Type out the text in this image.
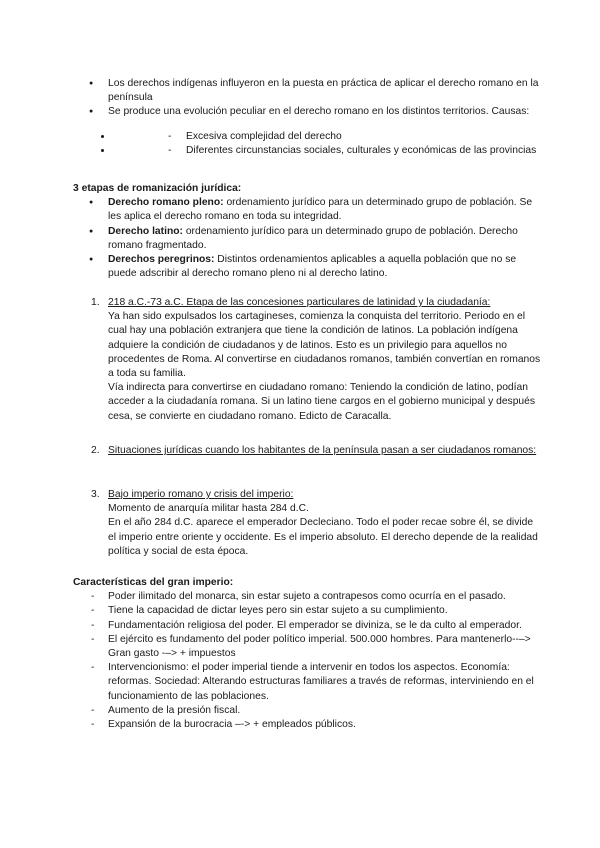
● Los derechos indígenas influyeron en la puesta en práctica de aplicar el derecho romano en la península
● Se produce una evolución peculiar en el derecho romano en los distintos territorios. Causas:
- • Excesiva complejidad del derecho
- • Diferentes circunstancias sociales, culturales y económicas de las provincias
3 etapas de romanización jurídica:
● Derecho romano pleno: ordenamiento jurídico para un determinado grupo de población. Se les aplica el derecho romano en toda su integridad.
● Derecho latino: ordenamiento jurídico para un determinado grupo de población. Derecho romano fragmentado.
● Derechos peregrinos: Distintos ordenamientos aplicables a aquella población que no se puede adscribir al derecho romano pleno ni al derecho latino.
1. 218 a.C.-73 a.C. Etapa de las concesiones particulares de latinidad y la ciudadanía:

Ya han sido expulsados los cartagineses, comienza la conquista del territorio. Periodo en el cual hay una población extranjera que tiene la condición de latinos. La población indígena adquiere la condición de ciudadanos y de latinos. Esto es un privilegio para aquellos no procedentes de Roma. Al convertirse en ciudadanos romanos, también convertían en romanos a toda su familia.

Vía indirecta para convertirse en ciudadano romano: Teniendo la condición de latino, podían acceder a la ciudadanía romana. Si un latino tiene cargos en el gobierno municipal y después cesa, se convierte en ciudadano romano. Edicto de Caracalla.

2. Situaciones jurídicas cuando los habitantes de la península pasan a ser ciudadanos romanos:
3. Bajo imperio romano y crisis del imperio:

Momento de anarquía militar hasta 284 d.C.

En el año 284 d.C. aparece el emperador Decleciano. Todo el poder recae sobre él, se divide el imperio entre oriente y occidente. Es el imperio absoluto. El derecho depende de la realidad política y social de esta época.

Características del gran imperio:
- Poder ilimitado del monarca, sin estar sujeto a contrapesos como ocurría en el pasado.
- Tiene la capacidad de dictar leyes pero sin estar sujeto a su cumplimiento.
- Fundamentación religiosa del poder. El emperador se diviniza, se le da culto al emperador.
- El ejército es fundamento del poder político imperial. 500.000 hombres. Para mantenerlo--–> Gran gasto -–> + impuestos
- Intervencionismo: el poder imperial tiende a intervenir en todos los aspectos. Economía: reformas. Sociedad: Alterando estructuras familiares a través de reformas, interviniendo en el funcionamiento de las poblaciones.
- Aumento de la presión fiscal.
- Expansión de la burocracia –-> + empleados públicos.
